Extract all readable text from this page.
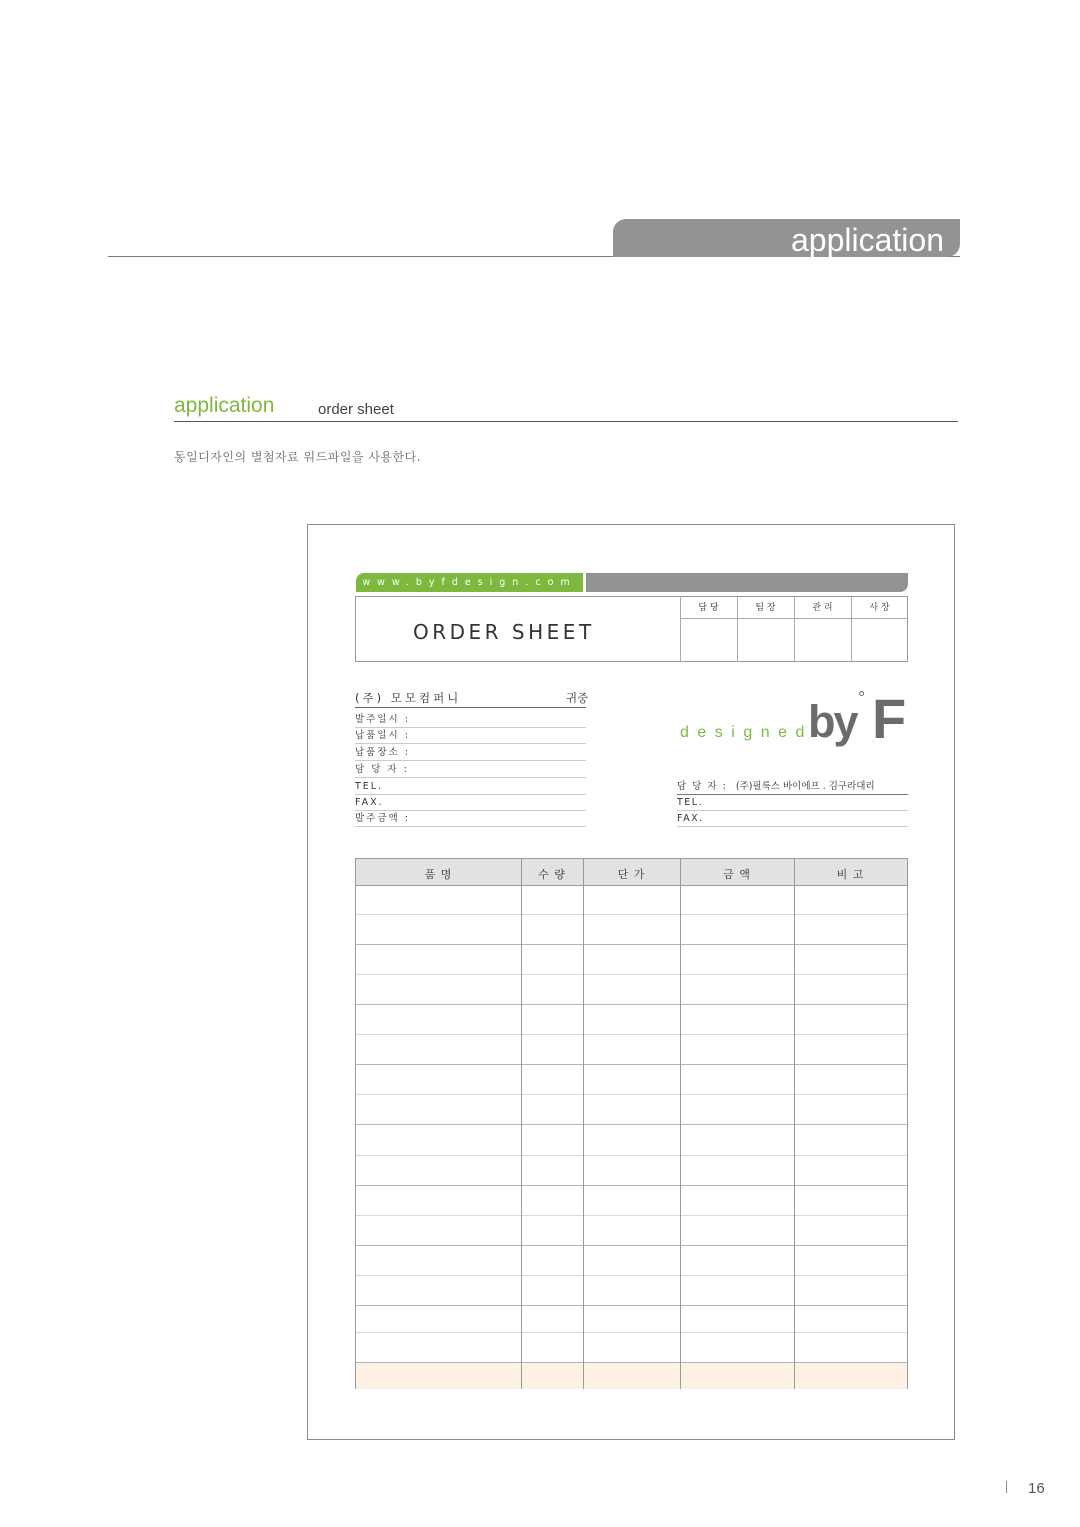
application
application	order sheet
동일디자인의 별첨자료 워드파일을 사용한다.
www.byfdesign.com
ORDER SHEET
담 당	팀 장	관 리	사 장
(주) 모모컴퍼니	귀중
발주일시 :
납품일시 :
납품장소 :
담 당 자 :
TEL.
FAX.
발주금액 :
designed
by ° F
담 당 자 : (주)필룩스 바이에프 . 김구라대리
TEL.
FAX.
품 명	수 량	단 가	금 액	비 고
16
